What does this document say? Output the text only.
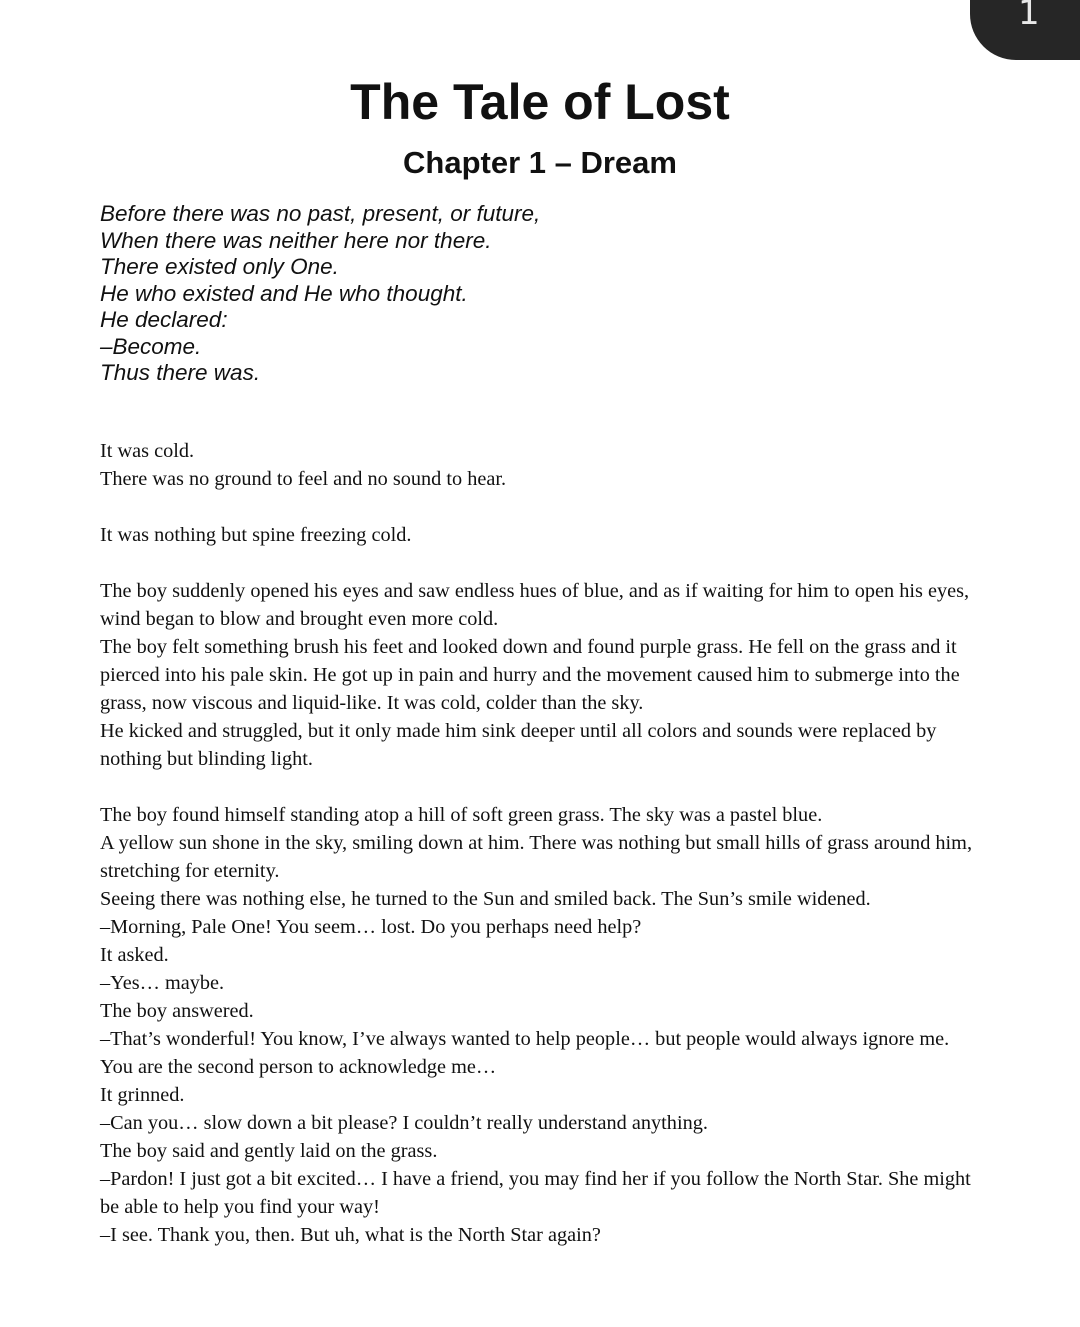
1
The Tale of Lost
Chapter 1 – Dream
Before there was no past, present, or future,
When there was neither here nor there.
There existed only One.
He who existed and He who thought.
He declared:
–Become.
Thus there was.
It was cold.
There was no ground to feel and no sound to hear.
It was nothing but spine freezing cold.
The boy suddenly opened his eyes and saw endless hues of blue, and as if waiting for him to open his eyes, wind began to blow and brought even more cold.
The boy felt something brush his feet and looked down and found purple grass. He fell on the grass and it pierced into his pale skin. He got up in pain and hurry and the movement caused him to submerge into the grass, now viscous and liquid-like. It was cold, colder than the sky.
He kicked and struggled, but it only made him sink deeper until all colors and sounds were replaced by nothing but blinding light.
The boy found himself standing atop a hill of soft green grass. The sky was a pastel blue.
A yellow sun shone in the sky, smiling down at him. There was nothing but small hills of grass around him, stretching for eternity.
Seeing there was nothing else, he turned to the Sun and smiled back. The Sun’s smile widened.
–Morning, Pale One! You seem… lost. Do you perhaps need help?
It asked.
–Yes… maybe.
The boy answered.
–That’s wonderful! You know, I’ve always wanted to help people… but people would always ignore me. You are the second person to acknowledge me…
It grinned.
–Can you… slow down a bit please? I couldn’t really understand anything.
The boy said and gently laid on the grass.
–Pardon! I just got a bit excited… I have a friend, you may find her if you follow the North Star. She might be able to help you find your way!
–I see. Thank you, then. But uh, what is the North Star again?
